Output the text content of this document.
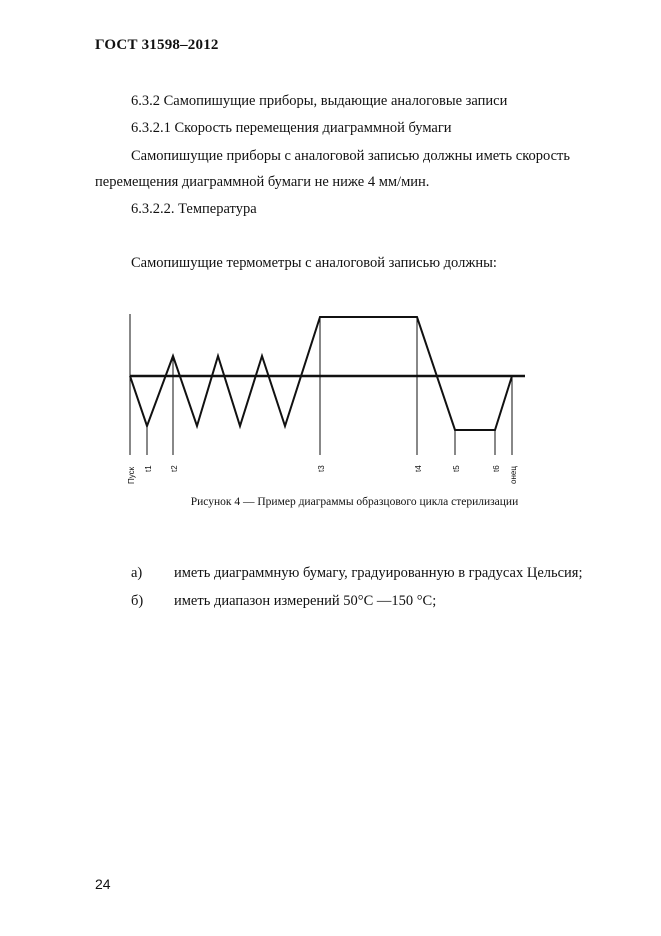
ГОСТ 31598–2012
6.3.2 Самопишущие приборы, выдающие аналоговые записи
6.3.2.1 Скорость перемещения диаграммной бумаги
Самопишущие приборы с аналоговой записью должны иметь скорость
перемещения диаграммной бумаги не ниже 4 мм/мин.
6.3.2.2. Температура
Самопишущие термометры с аналоговой записью должны:
Пуск t1 t2	t3	t4	t5	t6 онец
Рисунок 4 — Пример диаграммы образцового цикла стерилизации
а) иметь диаграммную бумагу, градуированную в градусах Цельсия;
б) иметь диапазон измерений 50°С —150 °С;
24
